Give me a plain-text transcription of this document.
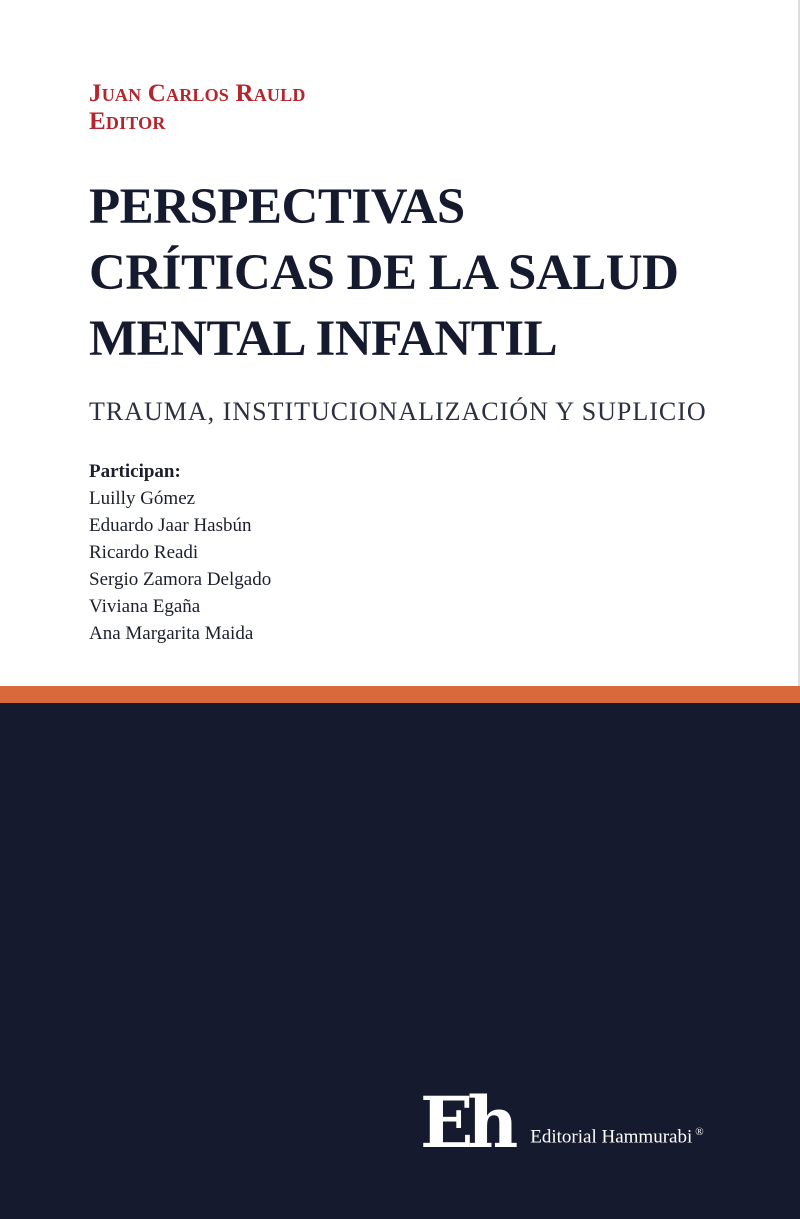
Juan Carlos Rauld
Editor
PERSPECTIVAS
CRÍTICAS DE LA SALUD
MENTAL INFANTIL
TRAUMA, INSTITUCIONALIZACIÓN Y SUPLICIO
Participan:
Luilly Gómez
Eduardo Jaar Hasbún
Ricardo Readi
Sergio Zamora Delgado
Viviana Egaña
Ana Margarita Maida
Eh Editorial Hammurabi ®
